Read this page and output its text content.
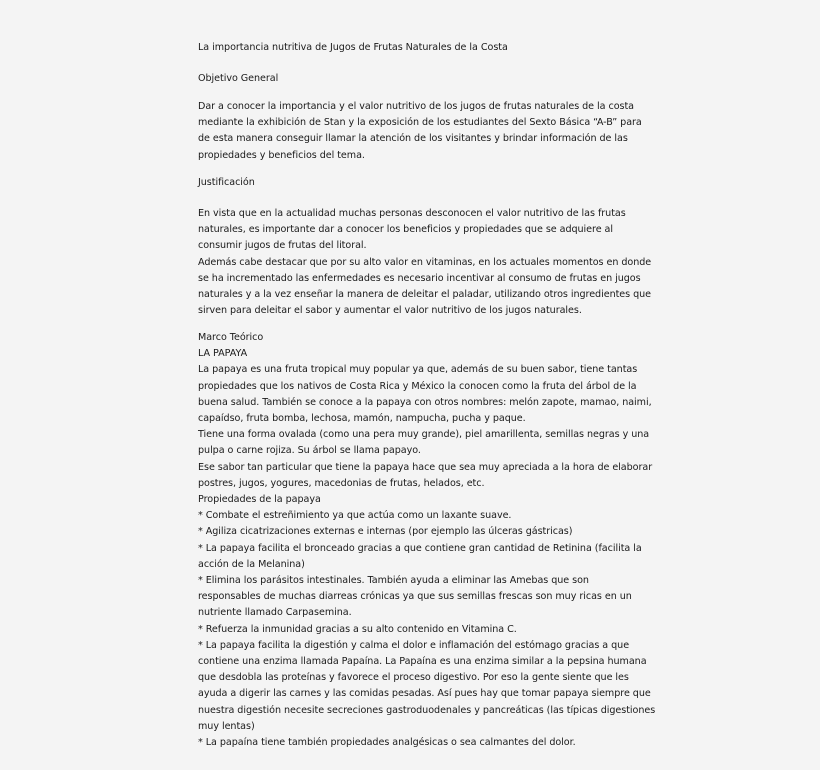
La importancia nutritiva de Jugos de Frutas Naturales de la Costa
Objetivo General
Dar a conocer la importancia y el valor nutritivo de los jugos de frutas naturales de la costa
mediante la exhibición de Stan y la exposición de los estudiantes del Sexto Básica “A-B” para
de esta manera conseguir llamar la atención de los visitantes y brindar información de las
propiedades y beneficios del tema.
Justificación
En vista que en la actualidad muchas personas desconocen el valor nutritivo de las frutas
naturales, es importante dar a conocer los beneficios y propiedades que se adquiere al
consumir jugos de frutas del litoral.
Además cabe destacar que por su alto valor en vitaminas, en los actuales momentos en donde
se ha incrementado las enfermedades es necesario incentivar al consumo de frutas en jugos
naturales y a la vez enseñar la manera de deleitar el paladar, utilizando otros ingredientes que
sirven para deleitar el sabor y aumentar el valor nutritivo de los jugos naturales.
Marco Teórico
LA PAPAYA
La papaya es una fruta tropical muy popular ya que, además de su buen sabor, tiene tantas
propiedades que los nativos de Costa Rica y México la conocen como la fruta del árbol de la
buena salud. También se conoce a la papaya con otros nombres: melón zapote, mamao, naimi,
capaídso, fruta bomba, lechosa, mamón, nampucha, pucha y paque.
Tiene una forma ovalada (como una pera muy grande), piel amarillenta, semillas negras y una
pulpa o carne rojiza. Su árbol se llama papayo.
Ese sabor tan particular que tiene la papaya hace que sea muy apreciada a la hora de elaborar
postres, jugos, yogures, macedonias de frutas, helados, etc.
Propiedades de la papaya
* Combate el estreñimiento ya que actúa como un laxante suave.
* Agiliza cicatrizaciones externas e internas (por ejemplo las úlceras gástricas)
* La papaya facilita el bronceado gracias a que contiene gran cantidad de Retinina (facilita la
acción de la Melanina)
* Elimina los parásitos intestinales. También ayuda a eliminar las Amebas que son
responsables de muchas diarreas crónicas ya que sus semillas frescas son muy ricas en un
nutriente llamado Carpasemina.
* Refuerza la inmunidad gracias a su alto contenido en Vitamina C.
* La papaya facilita la digestión y calma el dolor e inflamación del estómago gracias a que
contiene una enzima llamada Papaína. La Papaína es una enzima similar a la pepsina humana
que desdobla las proteínas y favorece el proceso digestivo. Por eso la gente siente que les
ayuda a digerir las carnes y las comidas pesadas. Así pues hay que tomar papaya siempre que
nuestra digestión necesite secreciones gastroduodenales y pancreáticas (las típicas digestiones
muy lentas)
* La papaína tiene también propiedades analgésicas o sea calmantes del dolor.
